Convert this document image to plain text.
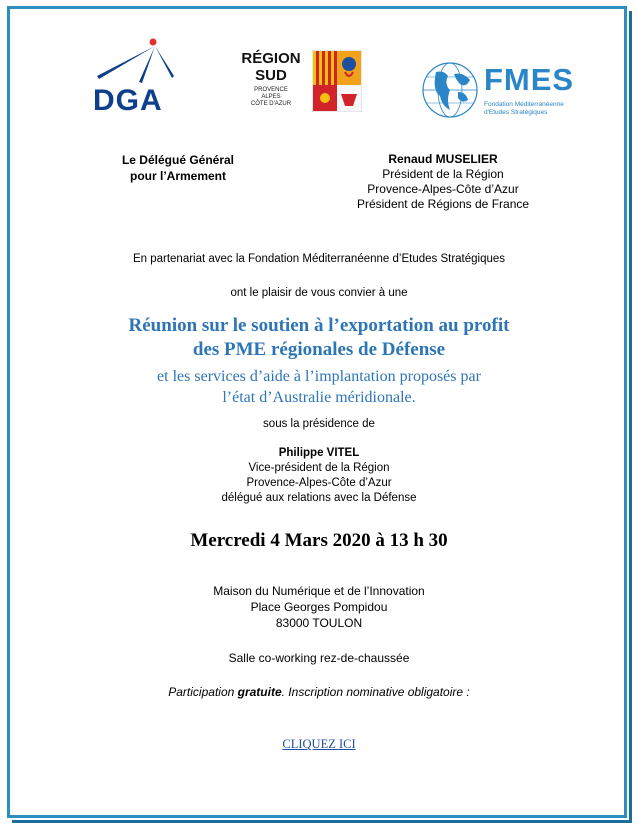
DGA
RÉGION
SUD
PROVENCE
ALPES
CÔTE D'AZUR
FMES
Fondation Méditerranéenne
d'Etudes Stratégiques
Le Délégué Général
pour l’Armement
Renaud MUSELIER
Président de la Région
Provence-Alpes-Côte d’Azur
Président de Régions de France
En partenariat avec la Fondation Méditerranéenne d’Etudes Stratégiques
ont le plaisir de vous convier à une
Réunion sur le soutien à l’exportation au profit
des PME régionales de Défense
et les services d’aide à l’implantation proposés par
l’état d’Australie méridionale.
sous la présidence de
Philippe VITEL
Vice-président de la Région
Provence-Alpes-Côte d’Azur
délégué aux relations avec la Défense
Mercredi 4 Mars 2020 à 13 h 30
Maison du Numérique et de l’Innovation
Place Georges Pompidou
83000 TOULON
Salle co-working rez-de-chaussée
Participation gratuite. Inscription nominative obligatoire :
CLIQUEZ ICI
